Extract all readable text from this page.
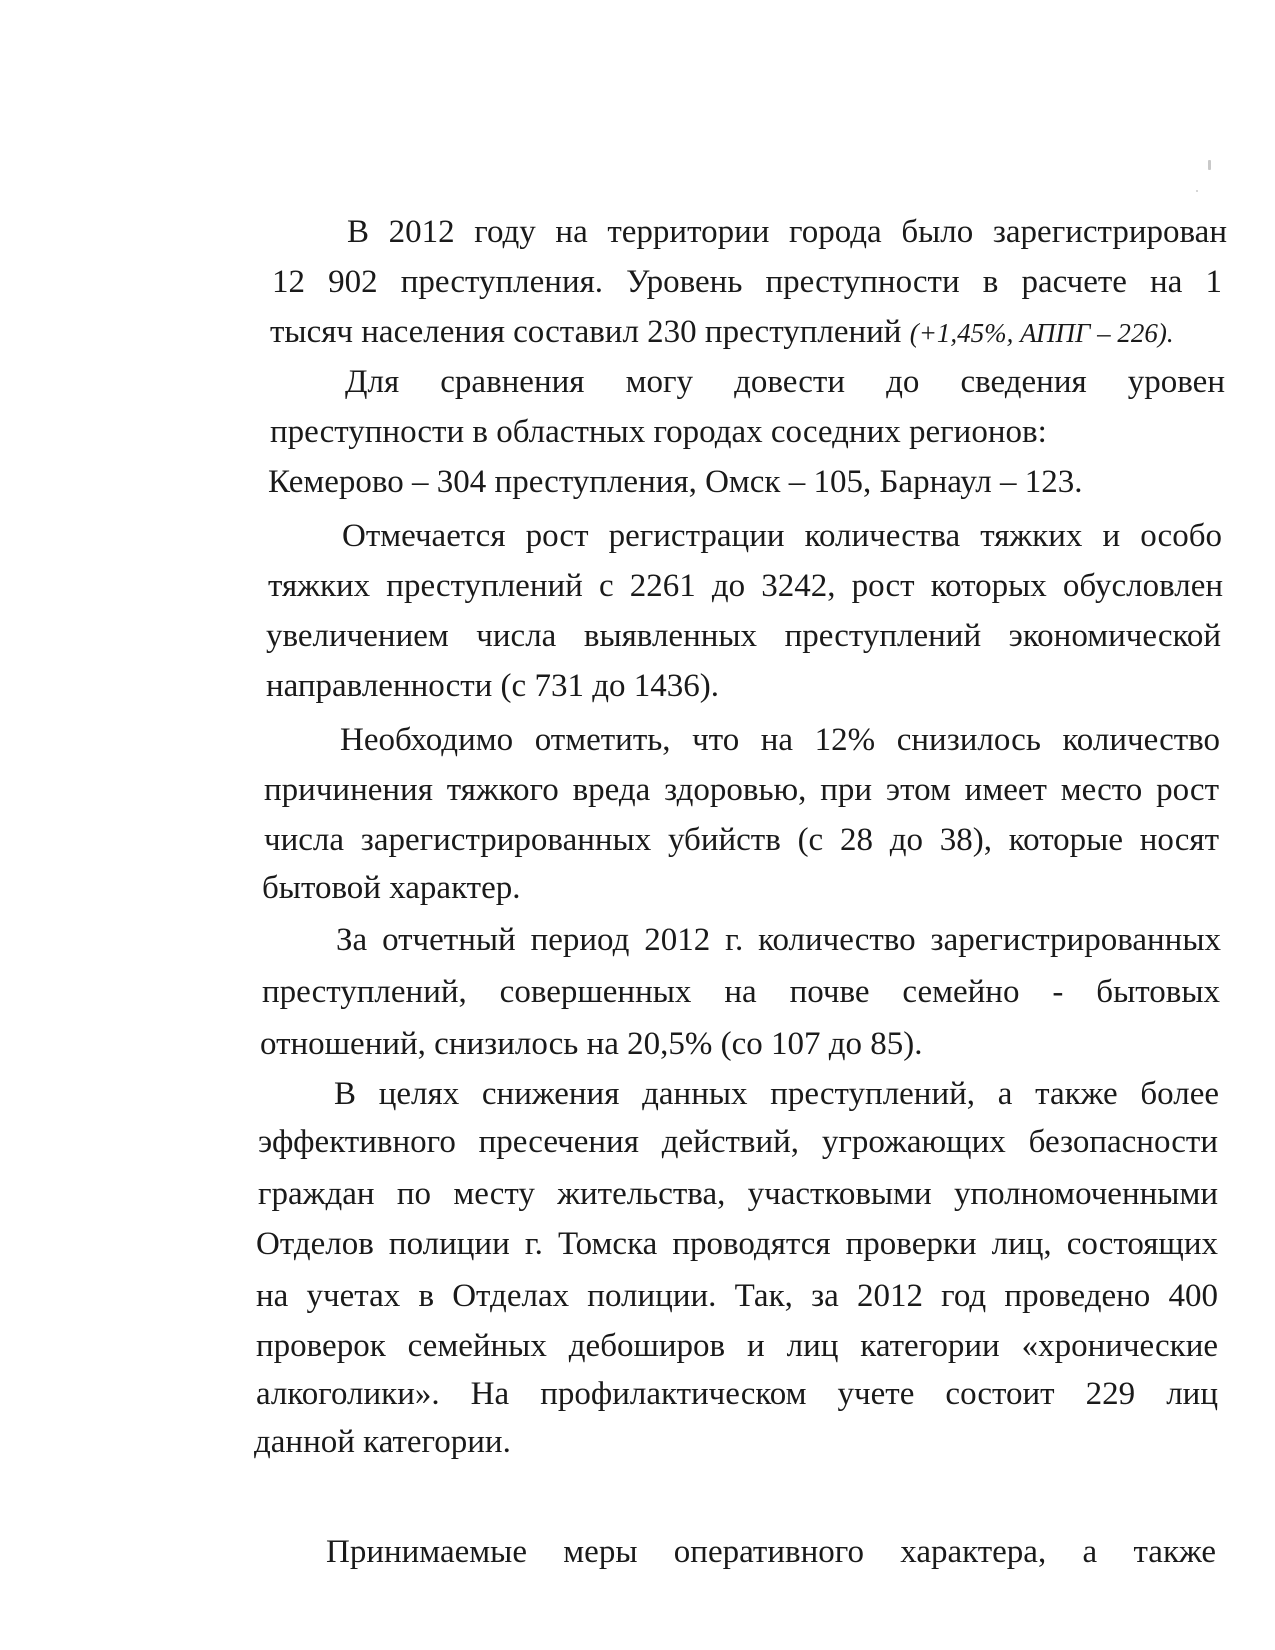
В 2012 году на территории города было зарегистрирован
12 902 преступления. Уровень преступности в расчете на 1
тысяч населения составил 230 преступлений (+1,45%, АППГ – 226).
Для сравнения могу довести до сведения уровен
преступности в областных городах соседних регионов:
Кемерово – 304 преступления, Омск – 105, Барнаул – 123.
Отмечается рост регистрации количества тяжких и особо
тяжких преступлений с 2261 до 3242, рост которых обусловлен
увеличением числа выявленных преступлений экономической
направленности (с 731 до 1436).
Необходимо отметить, что на 12% снизилось количество
причинения тяжкого вреда здоровью, при этом имеет место рост
числа зарегистрированных убийств (с 28 до 38), которые носят
бытовой характер.
За отчетный период 2012 г. количество зарегистрированных
преступлений, совершенных на почве семейно - бытовых
отношений, снизилось на 20,5% (со 107 до 85).
В целях снижения данных преступлений, а также более
эффективного пресечения действий, угрожающих безопасности
граждан по месту жительства, участковыми уполномоченными
Отделов полиции г. Томска проводятся проверки лиц, состоящих
на учетах в Отделах полиции. Так, за 2012 год проведено 400
проверок семейных дебоширов и лиц категории «хронические
алкоголики». На профилактическом учете состоит 229 лиц
данной категории.
Принимаемые меры оперативного характера, а также
